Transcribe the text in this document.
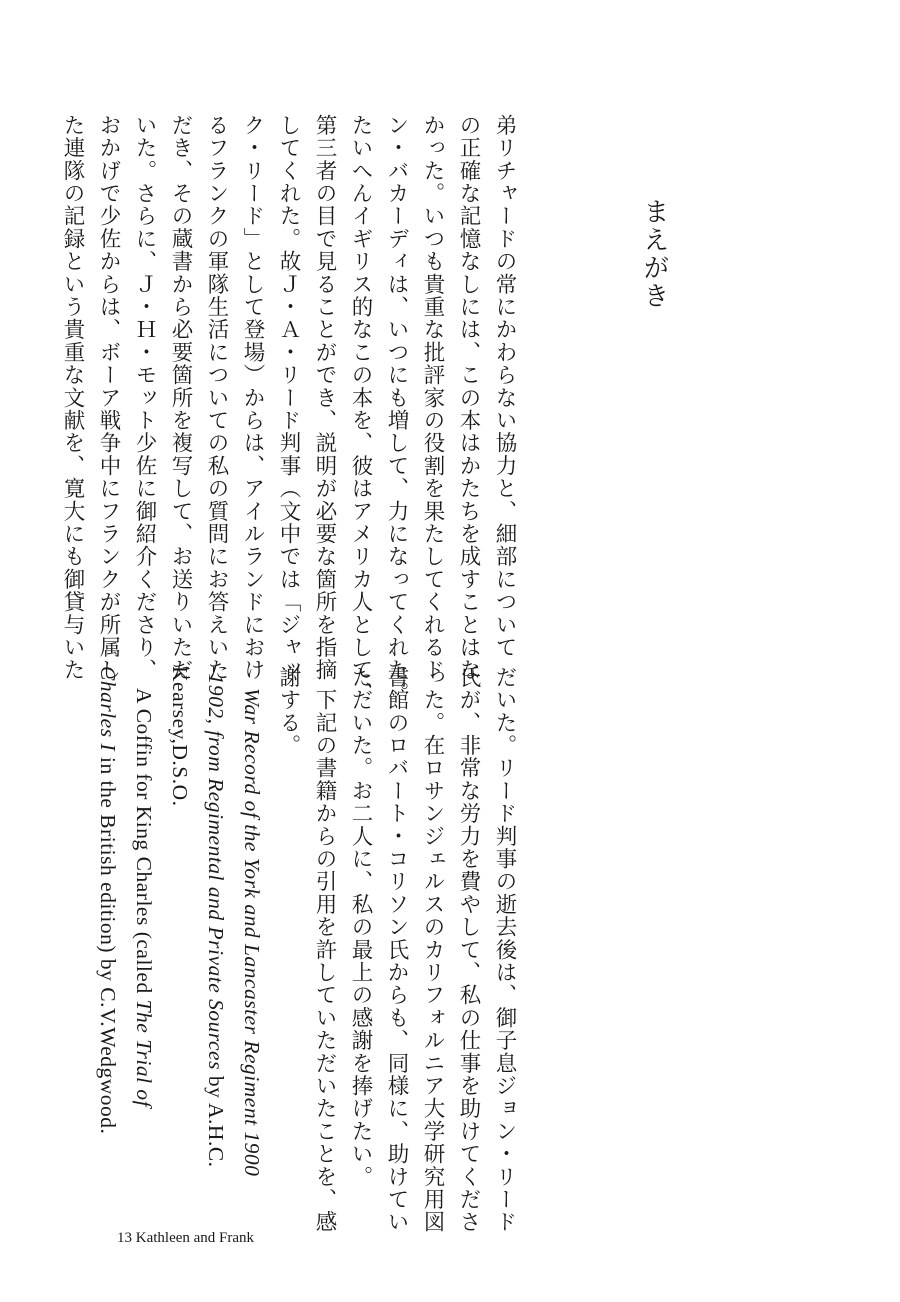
まえがき
弟リチャードの常にかわらない協力と、細部について
の正確な記憶なしには、この本はかたちを成すことはな
かった。いつも貴重な批評家の役割を果たしてくれるド
ン・バカーディは、いつにも増して、力になってくれた。
たいへんイギリス的なこの本を、彼はアメリカ人として、
第三者の目で見ることができ、説明が必要な箇所を指摘
してくれた。故Ｊ・Ａ・リード判事（文中では「ジャッ
ク・リード」として登場）からは、アイルランドにおけ
るフランクの軍隊生活についての私の質問にお答えいた
だき、その蔵書から必要箇所を複写して、お送りいただ
いた。さらに、Ｊ・Ｈ・モット少佐に御紹介くださり、
おかげで少佐からは、ボーア戦争中にフランクが所属し
た連隊の記録という貴重な文献を、寛大にも御貸与いた
だいた。リード判事の逝去後は、御子息ジョン・リード
氏が、非常な労力を費やして、私の仕事を助けてくださ
った。在ロサンジェルスのカリフォルニア大学研究用図
書館のロバート・コリソン氏からも、同様に、助けてい
ただいた。お二人に、私の最上の感謝を捧げたい。
　下記の書籍からの引用を許していただいたことを、感
謝する。
　War Record of the York and Lancaster Regiment 1900
-1902, from Regimental and Private Sources by A.H.C.
Kearsey,D.S.O.
　A Coffin for King Charles (called The Trial of
Charles I in the British edition) by C.V.Wedgwood.
13 Kathleen and Frank
